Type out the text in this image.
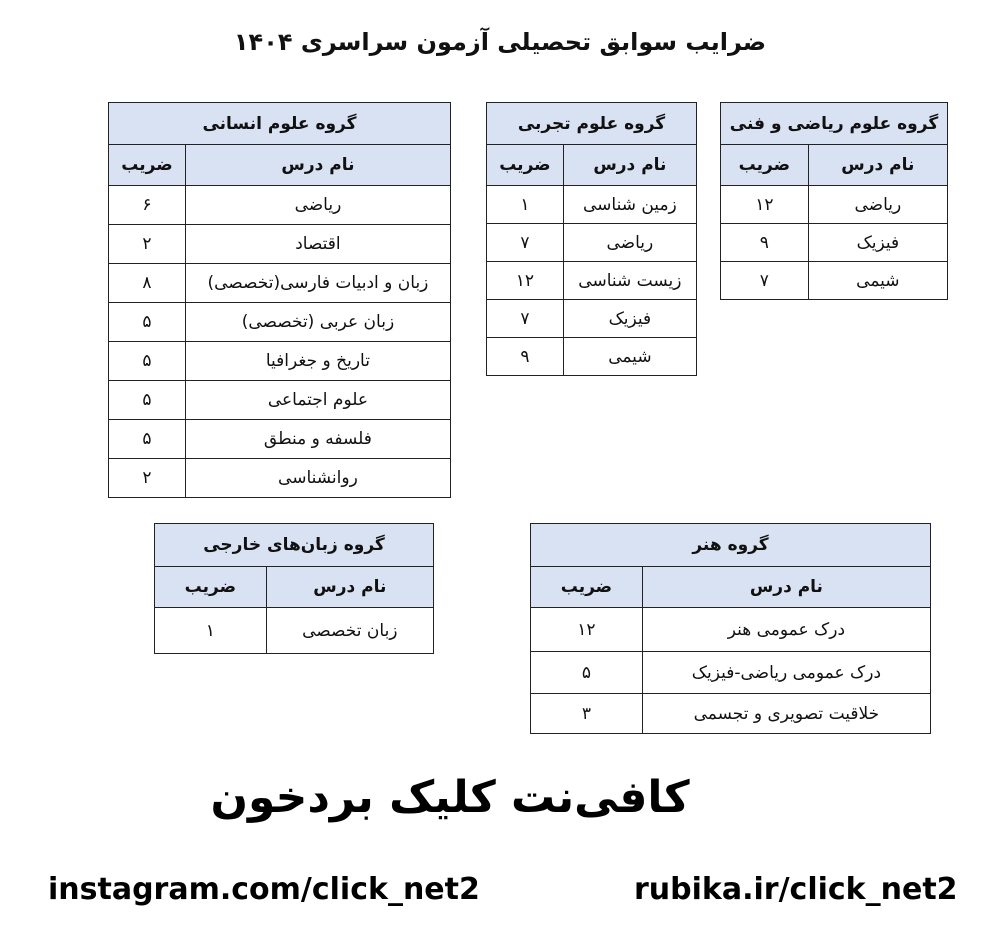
ضرایب سوابق تحصیلی آزمون سراسری ۱۴۰۴
گروه علوم ریاضی و فنی	
نام درس	ضریب
ریاضی	۱۲
فیزیک	۹
شیمی	۷
گروه علوم تجربی	
نام درس	ضریب
زمین شناسی	۱
ریاضی	۷
زیست شناسی	۱۲
فیزیک	۷
شیمی	۹
گروه علوم انسانی	
نام درس	ضریب
ریاضی	۶
اقتصاد	۲
زبان و ادبیات فارسی(تخصصی)	۸
زبان عربی (تخصصی)	۵
تاریخ و جغرافیا	۵
علوم اجتماعی	۵
فلسفه و منطق	۵
روانشناسی	۲
گروه زبان‌های خارجی	
نام درس	ضریب
زبان تخصصی	۱
گروه هنر	
نام درس	ضریب
درک عمومی هنر	۱۲
درک عمومی ریاضی-فیزیک	۵
خلاقیت تصویری و تجسمی	۳
کافی‌نت کلیک بردخون
instagram.com/click_net2	rubika.ir/click_net2
